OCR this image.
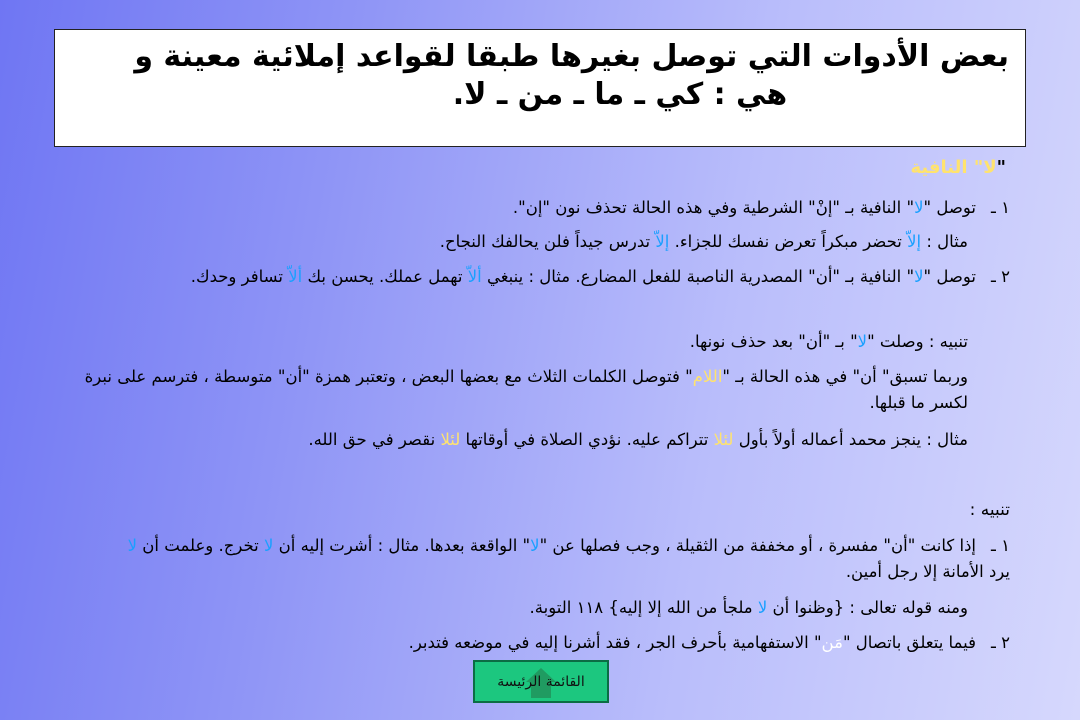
بعض الأدوات التي توصل بغيرها طبقا لقواعد إملائية معينة و
هي : كي ـ ما ـ من ـ لا.
"لا" النافية
١ ـتوصل "لا" النافية بـ "إنْ" الشرطية وفي هذه الحالة تحذف نون "إن".
مثال : إلاّ تحضر مبكراً تعرض نفسك للجزاء. إلاّ تدرس جيداً فلن يحالفك النجاح.
٢ ـتوصل "لا" النافية بـ "أن" المصدرية الناصبة للفعل المضارع. مثال : ينبغي ألاّ تهمل عملك. يحسن بك ألاّ تسافر وحدك.
تنبيه : وصلت "لا" بـ "أن" بعد حذف نونها.
وربما تسبق" أن" في هذه الحالة بـ "اللام" فتوصل الكلمات الثلاث مع بعضها البعض ، وتعتبر همزة "أن" متوسطة ، فترسم على نبرة لكسر ما قبلها.
مثال : ينجز محمد أعماله أولاً بأول لئلا تتراكم عليه. نؤدي الصلاة في أوقاتها لئلا نقصر في حق الله.
تنبيه :
١ ـإذا كانت "أن" مفسرة ، أو مخففة من الثقيلة ، وجب فصلها عن "لا" الواقعة بعدها. مثال : أشرت إليه أن لا تخرج. وعلمت أن لا يرد الأمانة إلا رجل أمين.
ومنه قوله تعالى : {وظنوا أن لا ملجأ من الله إلا إليه} ١١٨ التوبة.
٢ ـفيما يتعلق باتصال "مَن" الاستفهامية بأحرف الجر ، فقد أشرنا إليه في موضعه فتدبر.
القائمة الرئيسة
